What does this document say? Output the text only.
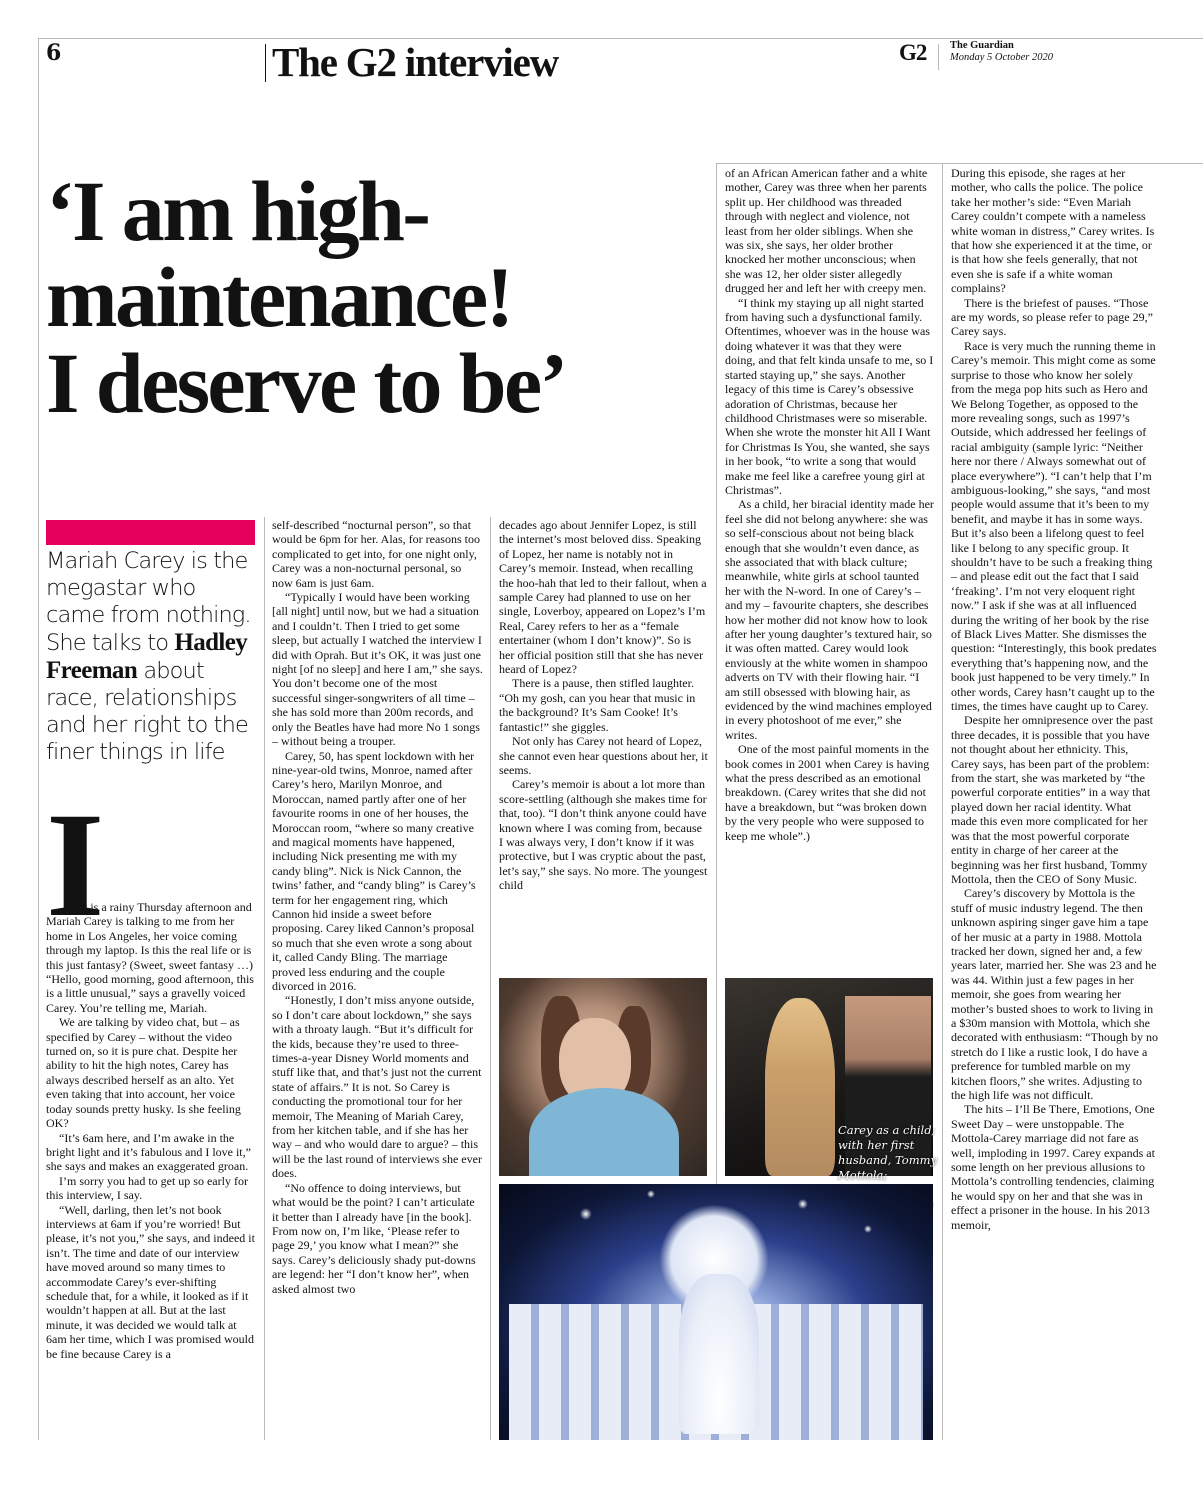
6	The G2 interview	G2 The Guardian
Monday 5 October 2020
‘I am high-
maintenance!
I deserve to be’
Mariah Carey is the megastar who came from nothing. She talks to Hadley Freeman about race, relationships and her right to the finer things in life
I

t is a rainy Thursday afternoon and Mariah Carey is talking to me from her home in Los Angeles, her voice coming through my laptop. Is this the real life or is this just fantasy? (Sweet, sweet fantasy …) “Hello, good morning, good afternoon, this is a little unusual,” says a gravelly voiced Carey. You’re telling me, Mariah.

We are talking by video chat, but – as specified by Carey – without the video turned on, so it is pure chat. Despite her ability to hit the high notes, Carey has always described herself as an alto. Yet even taking that into account, her voice today sounds pretty husky. Is she feeling OK?

“It’s 6am here, and I’m awake in the bright light and it’s fabulous and I love it,” she says and makes an exaggerated groan.

I’m sorry you had to get up so early for this interview, I say.

“Well, darling, then let’s not book interviews at 6am if you’re worried! But please, it’s not you,” she says, and indeed it isn’t. The time and date of our interview have moved around so many times to accommodate Carey’s ever-shifting schedule that, for a while, it looked as if it wouldn’t happen at all. But at the last minute, it was decided we would talk at 6am her time, which I was promised would be fine because Carey is a

self-described “nocturnal person”, so that would be 6pm for her. Alas, for reasons too complicated to get into, for one night only, Carey was a non-nocturnal personal, so now 6am is just 6am.

“Typically I would have been working [all night] until now, but we had a situation and I couldn’t. Then I tried to get some sleep, but actually I watched the interview I did with Oprah. But it’s OK, it was just one night [of no sleep] and here I am,” she says. You don’t become one of the most successful singer-songwriters of all time – she has sold more than 200m records, and only the Beatles have had more No 1 songs – without being a trouper.

Carey, 50, has spent lockdown with her nine-year-old twins, Monroe, named after Carey’s hero, Marilyn Monroe, and Moroccan, named partly after one of her favourite rooms in one of her houses, the Moroccan room, “where so many creative and magical moments have happened, including Nick presenting me with my candy bling”. Nick is Nick Cannon, the twins’ father, and “candy bling” is Carey’s term for her engagement ring, which Cannon hid inside a sweet before proposing. Carey liked Cannon’s proposal so much that she even wrote a song about it, called Candy Bling. The marriage proved less enduring and the couple divorced in 2016.

“Honestly, I don’t miss anyone outside, so I don’t care about lockdown,” she says with a throaty laugh. “But it’s difficult for the kids, because they’re used to three-times-a-year Disney World moments and stuff like that, and that’s just not the current state of affairs.” It is not. So Carey is conducting the promotional tour for her memoir, The Meaning of Mariah Carey, from her kitchen table, and if she has her way – and who would dare to argue? – this will be the last round of interviews she ever does.

“No offence to doing interviews, but what would be the point? I can’t articulate it better than I already have [in the book]. From now on, I’m like, ‘Please refer to page 29,’ you know what I mean?” she says. Carey’s deliciously shady put-downs are legend: her “I don’t know her”, when asked almost two

decades ago about Jennifer Lopez, is still the internet’s most beloved diss. Speaking of Lopez, her name is notably not in Carey’s memoir. Instead, when recalling the hoo-hah that led to their fallout, when a sample Carey had planned to use on her single, Loverboy, appeared on Lopez’s I’m Real, Carey refers to her as a “female entertainer (whom I don’t know)”. So is her official position still that she has never heard of Lopez?

There is a pause, then stifled laughter. “Oh my gosh, can you hear that music in the background? It’s Sam Cooke! It’s fantastic!” she giggles.

Not only has Carey not heard of Lopez, she cannot even hear questions about her, it seems.

Carey’s memoir is about a lot more than score-settling (although she makes time for that, too). “I don’t think anyone could have known where I was coming from, because I was always very, I don’t know if it was protective, but I was cryptic about the past, let’s say,” she says. No more. The youngest child

of an African American father and a white mother, Carey was three when her parents split up. Her childhood was threaded through with neglect and violence, not least from her older siblings. When she was six, she says, her older brother knocked her mother unconscious; when she was 12, her older sister allegedly drugged her and left her with creepy men.

“I think my staying up all night started from having such a dysfunctional family. Oftentimes, whoever was in the house was doing whatever it was that they were doing, and that felt kinda unsafe to me, so I started staying up,” she says. Another legacy of this time is Carey’s obsessive adoration of Christmas, because her childhood Christmases were so miserable. When she wrote the monster hit All I Want for Christmas Is You, she wanted, she says in her book, “to write a song that would make me feel like a carefree young girl at Christmas”.

As a child, her biracial identity made her feel she did not belong anywhere: she was so self-conscious about not being black enough that she wouldn’t even dance, as she associated that with black culture; meanwhile, white girls at school taunted her with the N-word. In one of Carey’s – and my – favourite chapters, she describes how her mother did not know how to look after her young daughter’s textured hair, so it was often matted. Carey would look enviously at the white women in shampoo adverts on TV with their flowing hair. “I am still obsessed with blowing hair, as evidenced by the wind machines employed in every photoshoot of me ever,” she writes.

One of the most painful moments in the book comes in 2001 when Carey is having what the press described as an emotional breakdown. (Carey writes that she did not have a breakdown, but “was broken down by the very people who were supposed to keep me whole”.)

During this episode, she rages at her mother, who calls the police. The police take her mother’s side: “Even Mariah Carey couldn’t compete with a nameless white woman in distress,” Carey writes. Is that how she experienced it at the time, or is that how she feels generally, that not even she is safe if a white woman complains?

There is the briefest of pauses. “Those are my words, so please refer to page 29,” Carey says.

Race is very much the running theme in Carey’s memoir. This might come as some surprise to those who know her solely from the mega pop hits such as Hero and We Belong Together, as opposed to the more revealing songs, such as 1997’s Outside, which addressed her feelings of racial ambiguity (sample lyric: “Neither here nor there / Always somewhat out of place everywhere”). “I can’t help that I’m ambiguous-looking,” she says, “and most people would assume that it’s been to my benefit, and maybe it has in some ways. But it’s also been a lifelong quest to feel like I belong to any specific group. It shouldn’t have to be such a freaking thing – and please edit out the fact that I said ‘freaking’. I’m not very eloquent right now.” I ask if she was at all influenced during the writing of her book by the rise of Black Lives Matter. She dismisses the question: “Interestingly, this book predates everything that’s happening now, and the book just happened to be very timely.” In other words, Carey hasn’t caught up to the times, the times have caught up to Carey.

Despite her omnipresence over the past three decades, it is possible that you have not thought about her ethnicity. This, Carey says, has been part of the problem: from the start, she was marketed by “the powerful corporate entities” in a way that played down her racial identity. What made this even more complicated for her was that the most powerful corporate entity in charge of her career at the beginning was her first husband, Tommy Mottola, then the CEO of Sony Music.

Carey’s discovery by Mottola is the stuff of music industry legend. The then unknown aspiring singer gave him a tape of her music at a party in 1988. Mottola tracked her down, signed her and, a few years later, married her. She was 23 and he was 44. Within just a few pages in her memoir, she goes from wearing her mother’s busted shoes to work to living in a $30m mansion with Mottola, which she decorated with enthusiasm: “Though by no stretch do I like a rustic look, I do have a preference for tumbled marble on my kitchen floors,” she writes. Adjusting to the high life was not difficult.

The hits – I’ll Be There, Emotions, One Sweet Day – were unstoppable. The Mottola-Carey marriage did not fare as well, imploding in 1997. Carey expands at some length on her previous allusions to Mottola’s controlling tendencies, claiming he would spy on her and that she was in effect a prisoner in the house. In his 2013 memoir,

Carey as a child; with her first husband, Tommy Mottola;
